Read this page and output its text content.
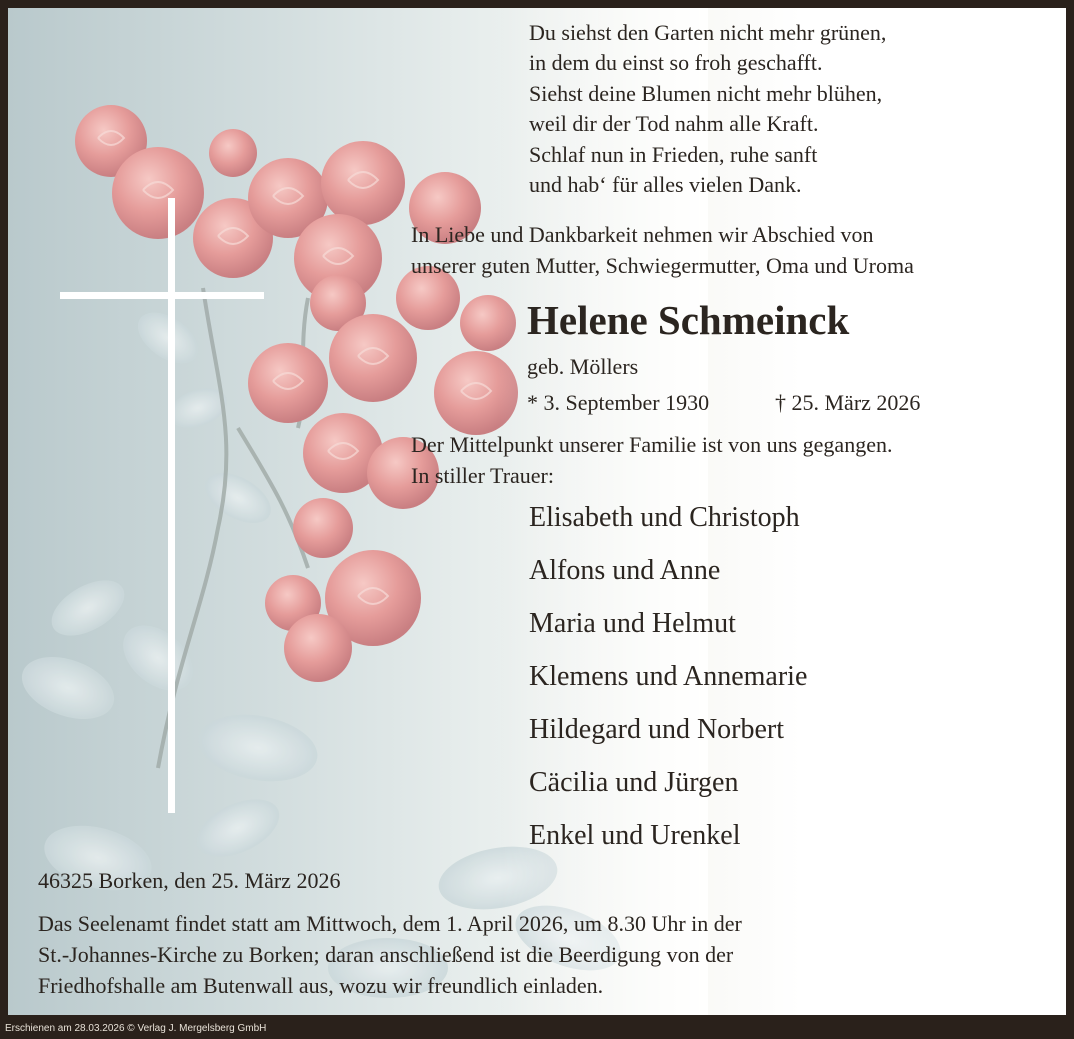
Du siehst den Garten nicht mehr grünen,
in dem du einst so froh geschafft.
Siehst deine Blumen nicht mehr blühen,
weil dir der Tod nahm alle Kraft.
Schlaf nun in Frieden, ruhe sanft
und hab‘ für alles vielen Dank.
In Liebe und Dankbarkeit nehmen wir Abschied von
unserer guten Mutter, Schwiegermutter, Oma und Uroma
Helene Schmeinck
geb. Möllers
* 3. September 1930	† 25. März 2026
Der Mittelpunkt unserer Familie ist von uns gegangen.
In stiller Trauer:
Elisabeth und Christoph
Alfons und Anne
Maria und Helmut
Klemens und Annemarie
Hildegard und Norbert
Cäcilia und Jürgen
Enkel und Urenkel
46325 Borken, den 25. März 2026
Das Seelenamt findet statt am Mittwoch, dem 1. April 2026, um 8.30 Uhr in der
St.-Johannes-Kirche zu Borken; daran anschließend ist die Beerdigung von der
Friedhofshalle am Butenwall aus, wozu wir freundlich einladen.
Erschienen am 28.03.2026 © Verlag J. Mergelsberg GmbH
